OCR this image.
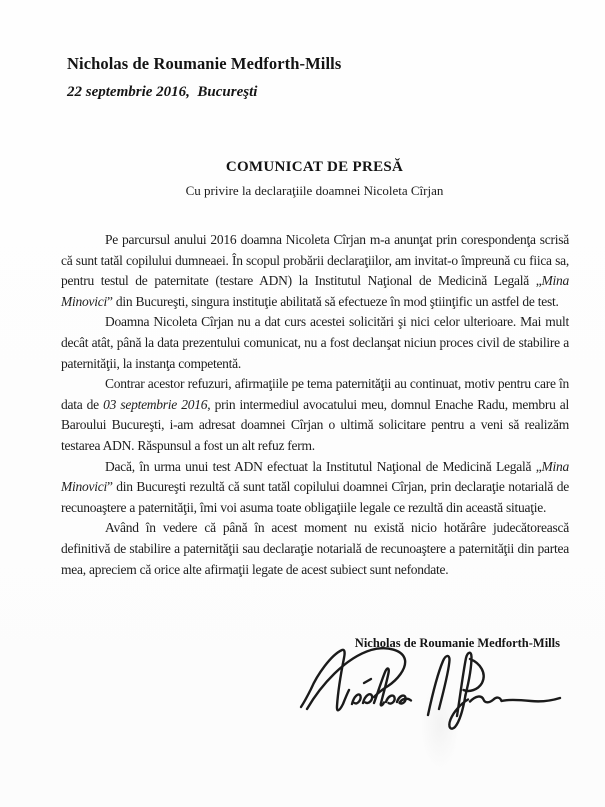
Nicholas de Roumanie Medforth-Mills
22 septembrie 2016,  Bucureşti
COMUNICAT DE PRESĂ
Cu privire la declaraţiile doamnei Nicoleta Cîrjan

Pe parcursul anului 2016 doamna Nicoleta Cîrjan m-a anunţat prin corespondenţa scrisă că sunt tatăl copilului dumneaei. În scopul probării declaraţiilor, am invitat-o împreună cu fiica sa, pentru testul de paternitate (testare ADN) la Institutul Naţional de Medicină Legală „Mina Minovici” din Bucureşti, singura instituţie abilitată să efectueze în mod ştiinţific un astfel de test.

Doamna Nicoleta Cîrjan nu a dat curs acestei solicitări şi nici celor ulterioare. Mai mult decât atât, până la data prezentului comunicat, nu a fost declanşat niciun proces civil de stabilire a paternităţii, la instanţa competentă.

Contrar acestor refuzuri, afirmaţiile pe tema paternităţii au continuat, motiv pentru care în data de 03 septembrie 2016, prin intermediul avocatului meu, domnul Enache Radu, membru al Baroului Bucureşti, i-am adresat doamnei Cîrjan o ultimă solicitare pentru a veni să realizăm testarea ADN. Răspunsul a fost un alt refuz ferm.

Dacă, în urma unui test ADN efectuat la Institutul Naţional de Medicină Legală „Mina Minovici” din Bucureşti rezultă că sunt tatăl copilului doamnei Cîrjan, prin declaraţie notarială de recunoaştere a paternităţii, îmi voi asuma toate obligaţiile legale ce rezultă din această situaţie.

Având în vedere că până în acest moment nu există nicio hotărâre judecătorească definitivă de stabilire a paternităţii sau declaraţie notarială de recunoaştere a paternităţii din partea mea, apreciem că orice alte afirmaţii legate de acest subiect sunt nefondate.

Nicholas de Roumanie Medforth-Mills
